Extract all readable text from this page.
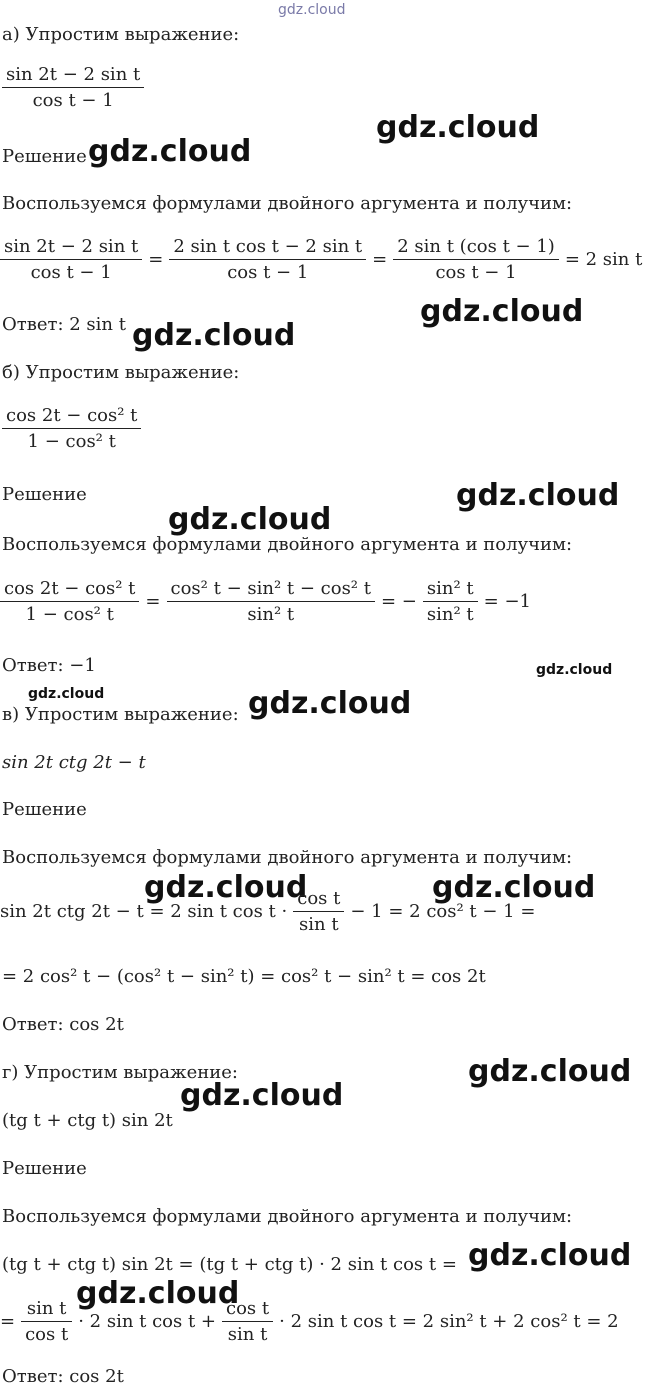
gdz.cloud
а) Упростим выражение:
$\frac{\text{sin 2t − 2 sin t}}{\text{cos t − 1}}$
gdz.cloud
Решение gdz.cloud
Воспользуемся формулами двойного аргумента и получим:
$\frac{\text{sin 2t − 2 sin t}}{\text{cos t − 1}} = \frac{\text{2 sin t cos t − 2 sin t}}{\text{cos t − 1}} = \frac{\text{2 sin t (cos t − 1)}}{\text{cos t − 1}} = 2$ sin t
gdz.cloud
Ответ: 2 sin t gdz.cloud
б) Упростим выражение:
$\frac{\text{cos 2t − cos² t}}{\text{1 − cos² t}}$
Решение	gdz.cloud
gdz.cloud
Воспользуемся формулами двойного аргумента и получим:
$\frac{\text{cos 2t − cos² t}}{\text{1 − cos² t}} = \frac{\text{cos² t − sin² t − cos² t}}{\text{sin² t}}$ = − $\frac{\text{sin² t}}{\text{sin² t}} = -1$
Ответ: −1	gdz.cloud
gdz.cloud
в) Упростим выражение: gdz.cloud
sin 2t ctg 2t − t
Решение
Воспользуемся формулами двойного аргумента и получим:
gdz.cloud	gdz.cloud
sin 2t ctg 2t − t = 2 sin t $\cos t \cdot \frac{\text{cos t}}{\text{sin t}} - 1 = 2$ cos² t − 1 =
= 2 cos² t − (cos² t − sin² t) = cos² t − sin² t = cos 2t
Ответ: cos 2t
г) Упростим выражение:	gdz.cloud
gdz.cloud
(tg t + ctg t) sin 2t
Решение
Воспользуемся формулами двойного аргумента и получим:
(tg t + ctg t) sin 2t = (tg t + ctg t) · 2 sin t cos t = gdz.cloud
gdz.cloud
= $\frac{\text{sin t}}{\text{cos t}} \cdot 2$ sin t $\cos t + \frac{\text{cos t}}{\text{sin t}} \cdot 2$ sin t cos t = 2 sin² t + 2 cos² t = 2
Ответ: cos 2t
